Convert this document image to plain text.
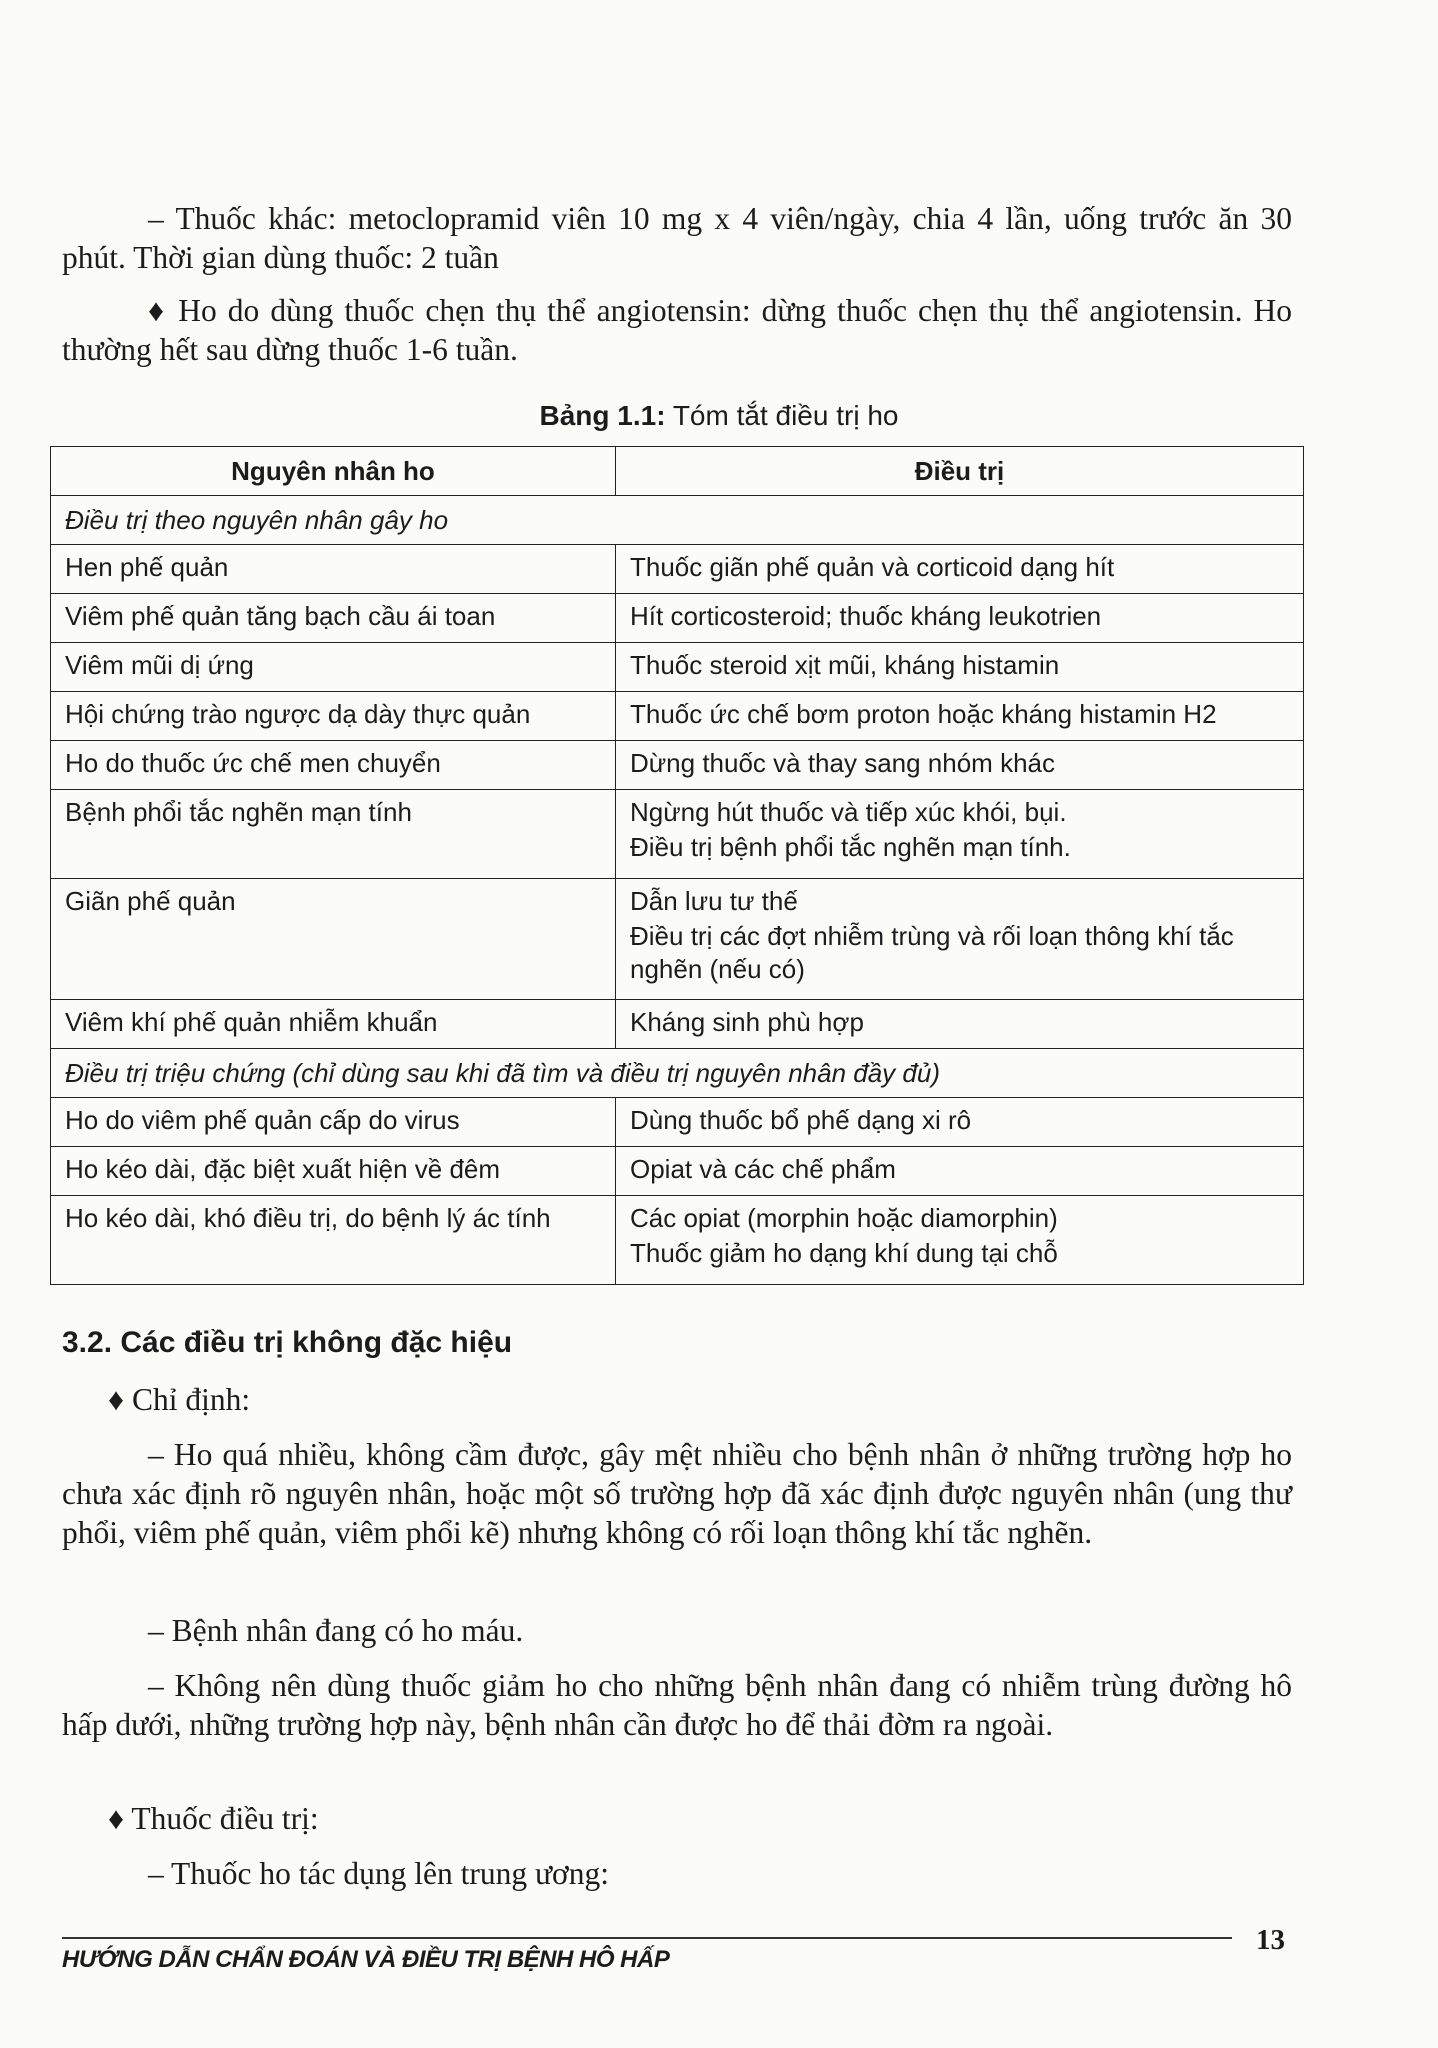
– Thuốc khác: metoclopramid viên 10 mg x 4 viên/ngày, chia 4 lần, uống trước ăn 30 phút. Thời gian dùng thuốc: 2 tuần
♦ Ho do dùng thuốc chẹn thụ thể angiotensin: dừng thuốc chẹn thụ thể angiotensin. Ho thường hết sau dừng thuốc 1-6 tuần.
Bảng 1.1: Tóm tắt điều trị ho
Nguyên nhân ho	Điều trị
Điều trị theo nguyên nhân gây ho	
Hen phế quản	Thuốc giãn phế quản và corticoid dạng hít

Viêm phế quản tăng bạch cầu ái toan	Hít corticosteroid; thuốc kháng leukotrien

Viêm mũi dị ứng	Thuốc steroid xịt mũi, kháng histamin

Hội chứng trào ngược dạ dày thực quản	Thuốc ức chế bơm proton hoặc kháng histamin H2

Ho do thuốc ức chế men chuyển	Dừng thuốc và thay sang nhóm khác

Bệnh phổi tắc nghẽn mạn tính	Ngừng hút thuốc và tiếp xúc khói, bụi.
Điều trị bệnh phổi tắc nghẽn mạn tính.

Giãn phế quản	Dẫn lưu tư thế
Điều trị các đợt nhiễm trùng và rối loạn thông khí tắc nghẽn (nếu có)

Viêm khí phế quản nhiễm khuẩn	Kháng sinh phù hợp

Điều trị triệu chứng (chỉ dùng sau khi đã tìm và điều trị nguyên nhân đầy đủ)	
Ho do viêm phế quản cấp do virus	Dùng thuốc bổ phế dạng xi rô

Ho kéo dài, đặc biệt xuất hiện về đêm	Opiat và các chế phẩm

Ho kéo dài, khó điều trị, do bệnh lý ác tính	Các opiat (morphin hoặc diamorphin)
Thuốc giảm ho dạng khí dung tại chỗ
3.2. Các điều trị không đặc hiệu
♦ Chỉ định:
– Ho quá nhiều, không cầm được, gây mệt nhiều cho bệnh nhân ở những trường hợp ho chưa xác định rõ nguyên nhân, hoặc một số trường hợp đã xác định được nguyên nhân (ung thư phổi, viêm phế quản, viêm phổi kẽ) nhưng không có rối loạn thông khí tắc nghẽn.
– Bệnh nhân đang có ho máu.
– Không nên dùng thuốc giảm ho cho những bệnh nhân đang có nhiễm trùng đường hô hấp dưới, những trường hợp này, bệnh nhân cần được ho để thải đờm ra ngoài.
♦ Thuốc điều trị:
– Thuốc ho tác dụng lên trung ương:
HƯỚNG DẪN CHẨN ĐOÁN VÀ ĐIỀU TRỊ BỆNH HÔ HẤP
13
